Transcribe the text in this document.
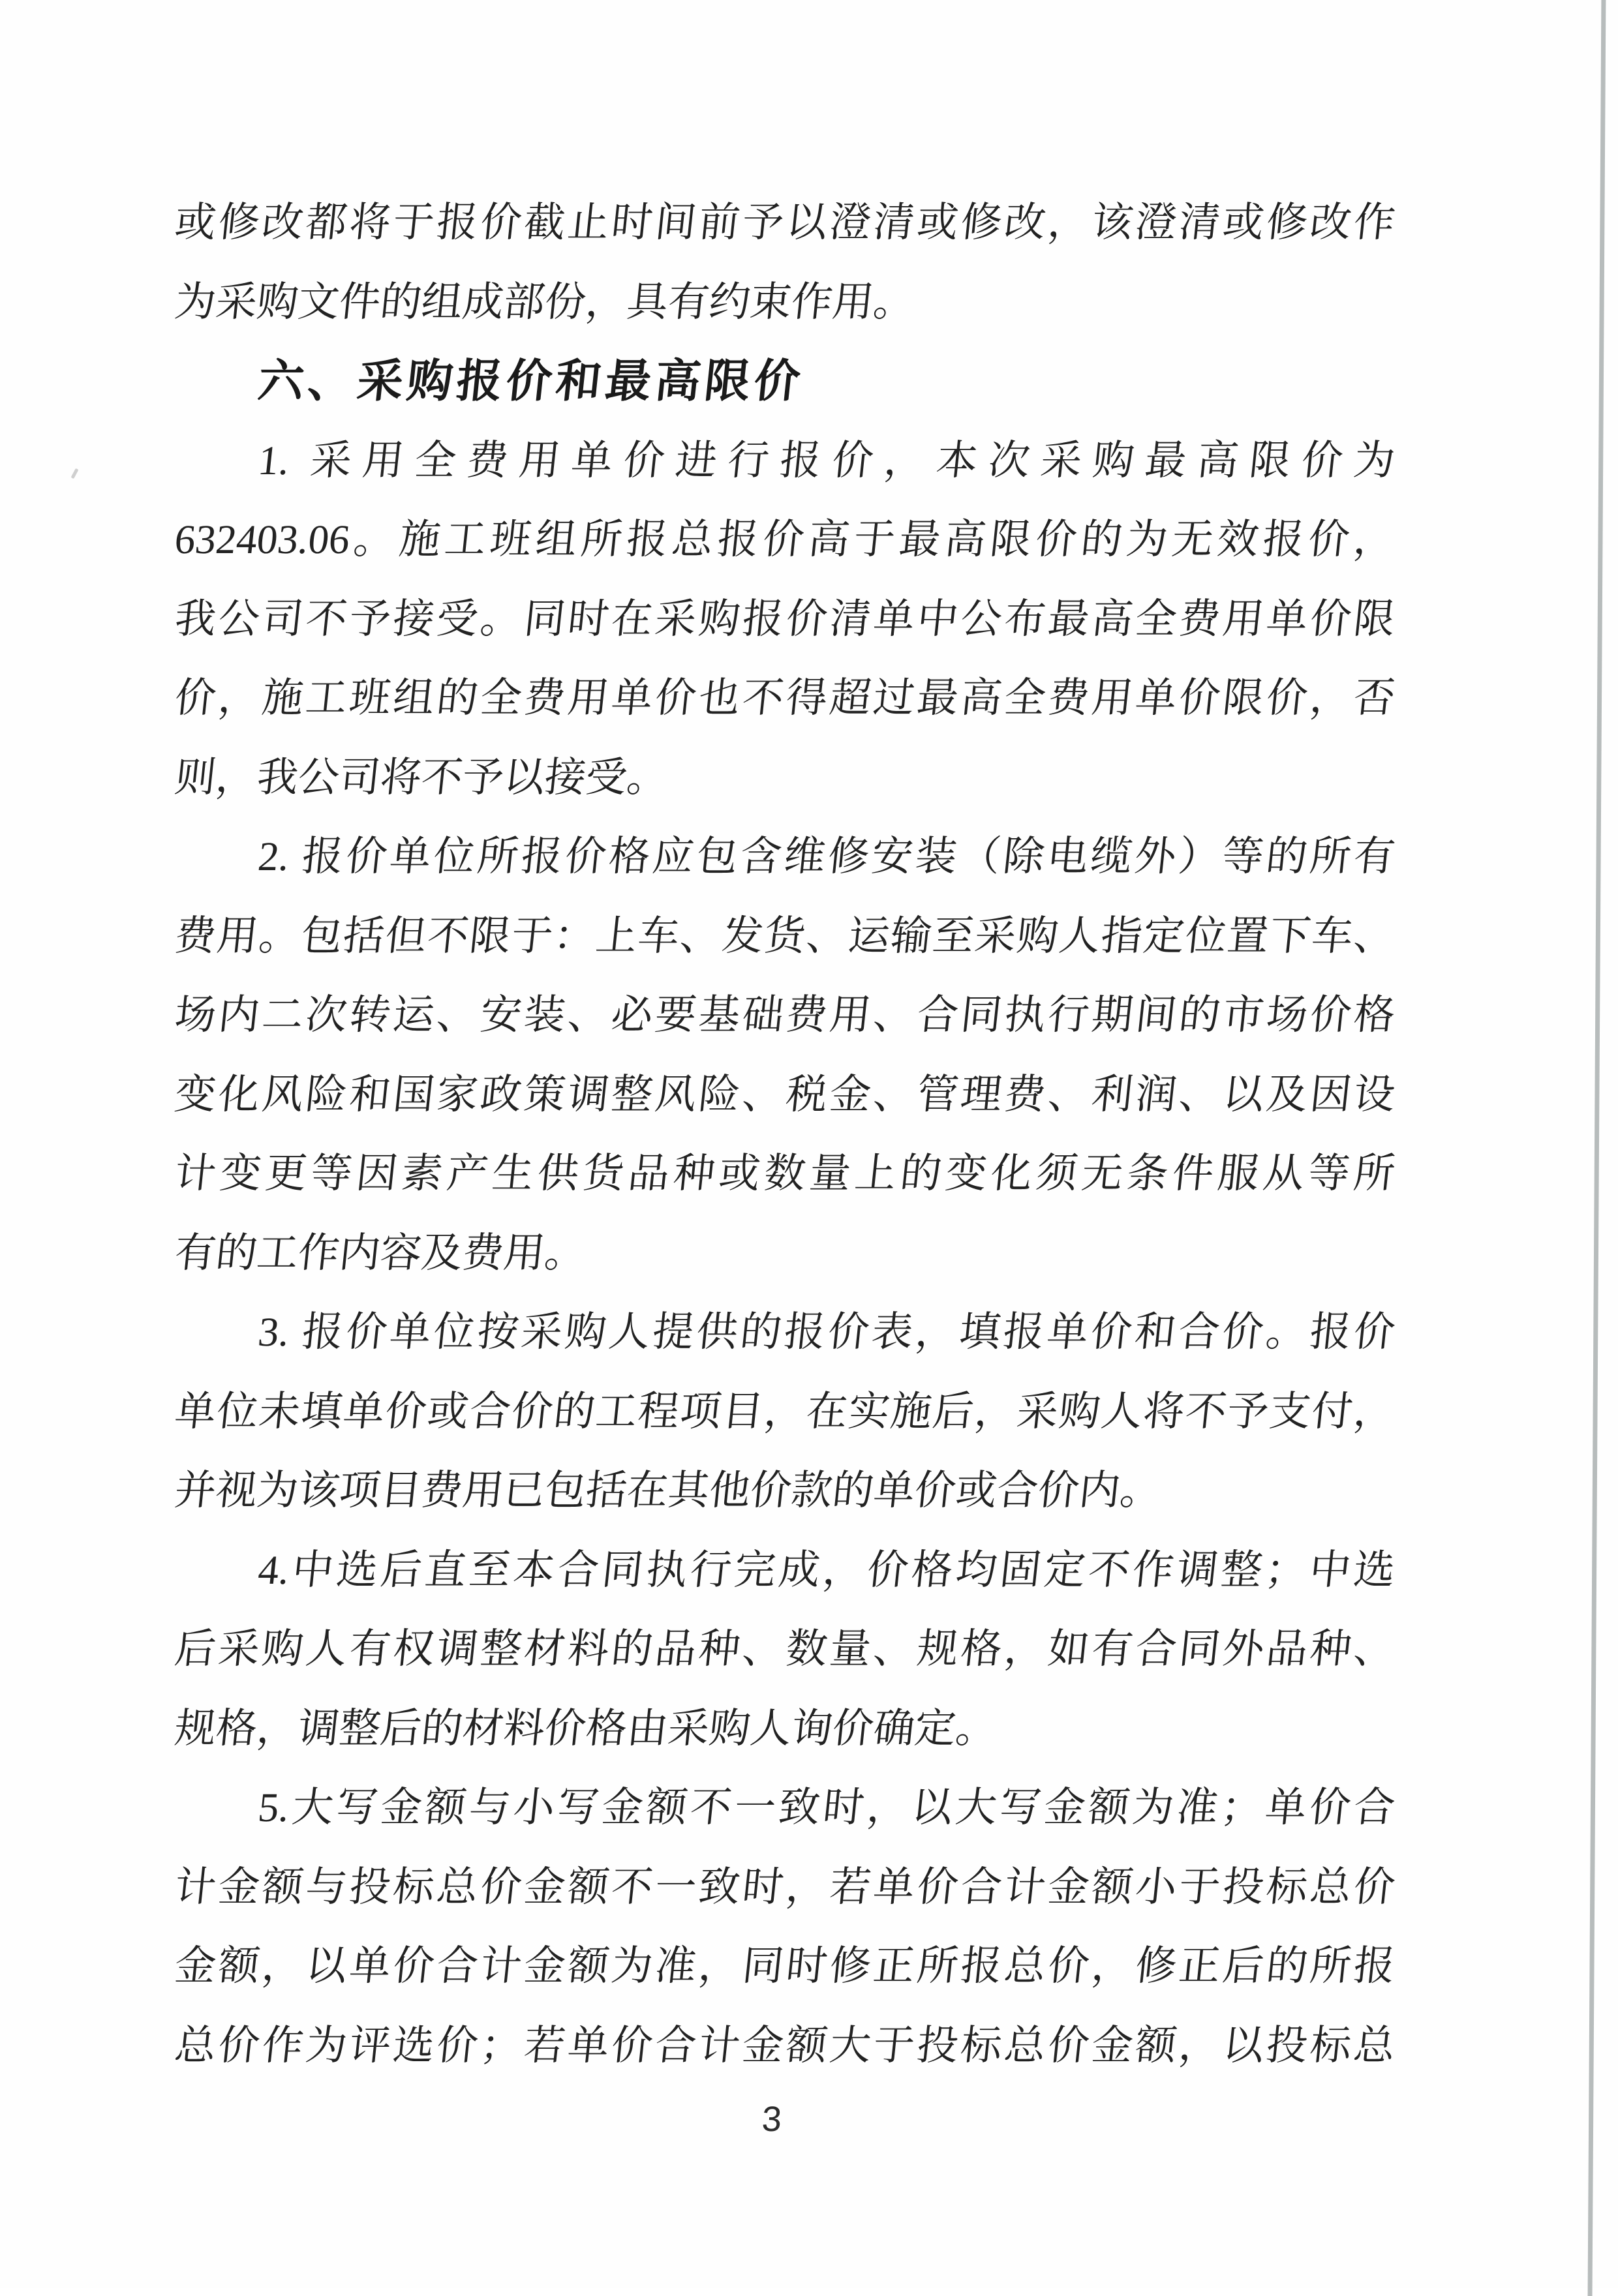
或修改都将于报价截止时间前予以澄清或修改，该澄清或修改作
为采购文件的组成部份，具有约束作用。
六、采购报价和最高限价
1. 采用全费用单价进行报价，本次采购最高限价为
632403.06。施工班组所报总报价高于最高限价的为无效报价，
我公司不予接受。同时在采购报价清单中公布最高全费用单价限
价，施工班组的全费用单价也不得超过最高全费用单价限价，否
则，我公司将不予以接受。
2. 报价单位所报价格应包含维修安装（除电缆外）等的所有
费用。包括但不限于：上车、发货、运输至采购人指定位置下车、
场内二次转运、安装、必要基础费用、合同执行期间的市场价格
变化风险和国家政策调整风险、税金、管理费、利润、以及因设
计变更等因素产生供货品种或数量上的变化须无条件服从等所
有的工作内容及费用。
3. 报价单位按采购人提供的报价表，填报单价和合价。报价
单位未填单价或合价的工程项目，在实施后，采购人将不予支付，
并视为该项目费用已包括在其他价款的单价或合价内。
4.中选后直至本合同执行完成，价格均固定不作调整；中选
后采购人有权调整材料的品种、数量、规格，如有合同外品种、
规格，调整后的材料价格由采购人询价确定。
5.大写金额与小写金额不一致时，以大写金额为准；单价合
计金额与投标总价金额不一致时，若单价合计金额小于投标总价
金额，以单价合计金额为准，同时修正所报总价，修正后的所报
总价作为评选价；若单价合计金额大于投标总价金额，以投标总
3
